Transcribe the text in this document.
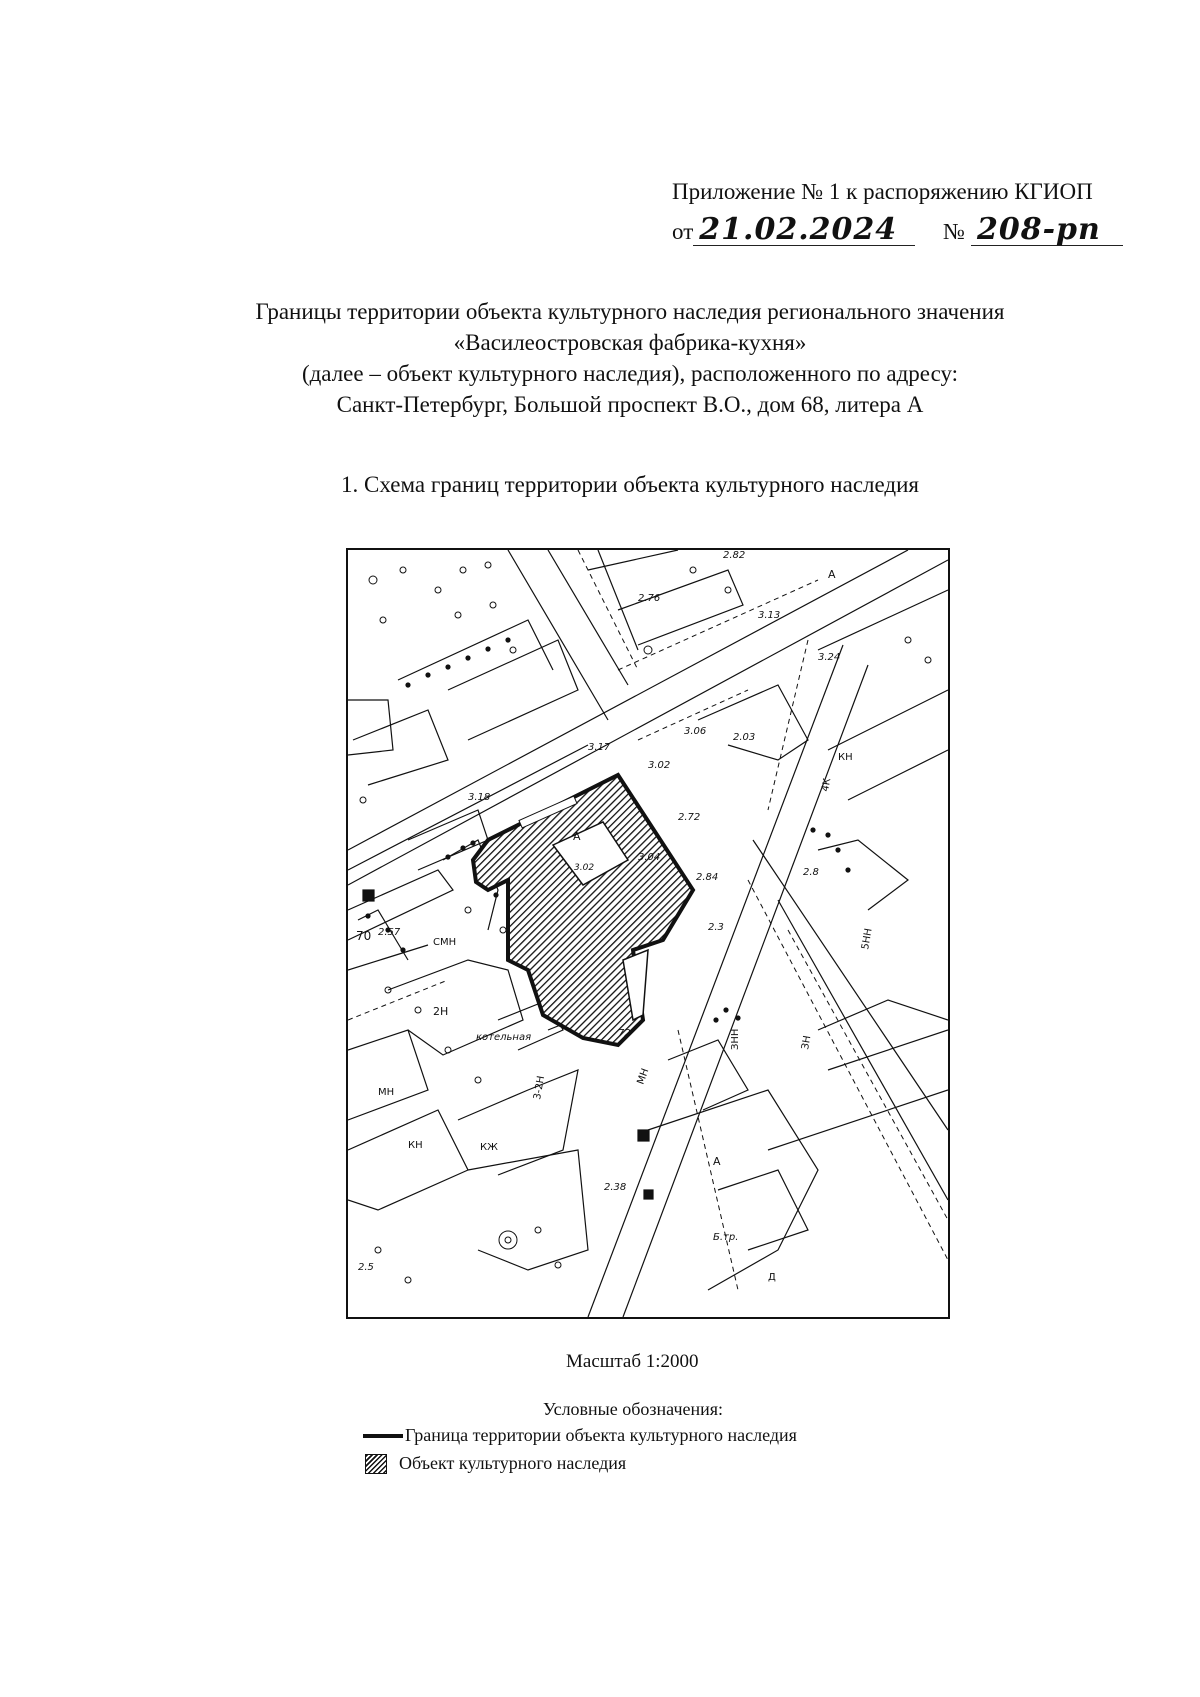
Приложение № 1 к распоряжению КГИОП
от 21.02.2024 № 208-рп
Границы территории объекта культурного наследия регионального значения
«Василеостровская фабрика-кухня»
(далее – объект культурного наследия), расположенного по адресу:
Санкт-Петербург, Большой проспект В.О., дом 68, литера А
1. Схема границ территории объекта культурного наследия
2.76
2.82
3.13
3.24
3.17
3.06
2.03
3.02
2.72
3.04
2.84
2.3
3.02
3.18
2.57
70
2Н
котельная
3-2Н
КЖ
КН
МН
МН
ЗНН
72
2.5
А
А
А
2.8
4К
5НН
КН
Б.тр.
Д
ЗН
2.38
СМН
Масштаб 1:2000
Условные обозначения:
Граница территории объекта культурного наследия
Объект культурного наследия
